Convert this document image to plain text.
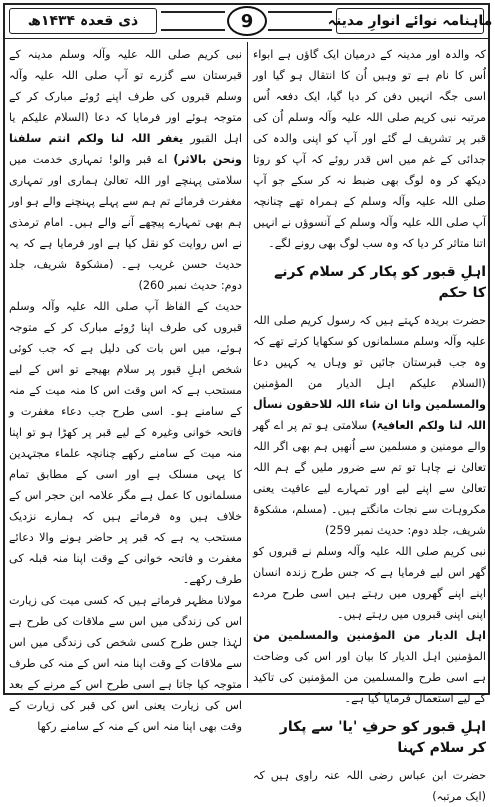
ماہنامہ نوائے انوارِ مدینہ
9
ذی قعدہ ۱۴۳۴ھ

کہ والدہ اور مدینہ کے درمیان ایک گاؤں ہے ابواء اُس کا نام ہے تو وہیں اُن کا انتقال ہو گیا اور اسی جگہ انہیں دفن کر دیا گیا، ایک دفعہ اُس مرتبہ نبی کریم صلی اللہ علیہ وآلہ وسلم اُن کی قبر پر تشریف لے گئے اور آپ کو اپنی والدہ کی جدائی کے غم میں اس قدر روئے کہ آپ کو روتا دیکھ کر وہ لوگ بھی ضبط نہ کر سکے جو آپ صلی اللہ علیہ وآلہ وسلم کے ہمراہ تھے چنانچہ آپ صلی اللہ علیہ وآلہ وسلم کے آنسوؤں نے انہیں اتنا متاثر کر دیا کہ وہ سب لوگ بھی رونے لگے۔

اہلِ قبور کو پکار کر سلام کرنے کا حکم

حضرت بریدہ کہتے ہیں کہ رسول کریم صلی اللہ علیہ وآلہ وسلم مسلمانوں کو سکھایا کرتے تھے کہ وہ جب قبرستان جائیں تو وہاں یہ کہیں دعا (السلام علیکم اہل الدیار من المؤمنین والمسلمین وانا ان شاء اللہ للاحقون نسأل اللہ لنا ولکم العافیۃ) سلامتی ہو تم پر اے گھر والے مومنین و مسلمین سے اُنھیں ہم بھی اگر اللہ تعالیٰ نے چاہا تو تم سے ضرور ملیں گے ہم اللہ تعالیٰ سے اپنے لیے اور تمہارے لیے عافیت یعنی مکروہات سے نجات مانگتے ہیں۔ (مسلم، مشکوۃ شریف، جلد دوم: حدیث نمبر 259)

نبی کریم صلی اللہ علیہ وآلہ وسلم نے قبروں کو گھر اس لیے فرمایا ہے کہ جس طرح زندہ انسان اپنے اپنے گھروں میں رہتے ہیں اسی طرح مردے اپنی اپنی قبروں میں رہتے ہیں۔

اہل الدیار من المؤمنین والمسلمین من المؤمنین اہل الدیار کا بیان اور اس کی وضاحت ہے اسی طرح والمسلمین من المؤمنین کی تاکید کے لیے استعمال فرمایا گیا ہے۔

اہلِ قبور کو حرفِ 'یا' سے پکار کر سلام کہنا

حضرت ابن عباس رضی اللہ عنہ راوی ہیں کہ (ایک مرتبہ)

نبی کریم صلی اللہ علیہ وآلہ وسلم مدینہ کے قبرستان سے گزرے تو آپ صلی اللہ علیہ وآلہ وسلم قبروں کی طرف اپنے رُوئے مبارک کر کے متوجہ ہوئے اور فرمایا کہ دعا (السلام علیکم یا اہل القبور یغفر اللہ لنا ولکم انتم سلفنا ونحن بالاثر) اے قبر والو! تمہاری خدمت میں سلامتی پہنچے اور اللہ تعالیٰ ہماری اور تمہاری مغفرت فرمائے تم ہم سے پہلے پہنچنے والے ہو اور ہم بھی تمہارے پیچھے آنے والے ہیں۔ امام ترمذی نے اس روایت کو نقل کیا ہے اور فرمایا ہے کہ یہ حدیث حسن غریب ہے۔ (مشکوۃ شریف، جلد دوم: حدیث نمبر 260)

حدیث کے الفاظ آپ صلی اللہ علیہ وآلہ وسلم قبروں کی طرف اپنا رُوئے مبارک کر کے متوجہ ہوئے، میں اس بات کی دلیل ہے کہ جب کوئی شخص اہلِ قبور پر سلام بھیجے تو اس کے لیے مستحب ہے کہ اس وقت اس کا منہ میت کے منہ کے سامنے ہو۔ اسی طرح جب دعاء مغفرت و فاتحہ خوانی وغیرہ کے لیے قبر پر کھڑا ہو تو اپنا منہ میت کے سامنے رکھے چنانچہ علماء مجتہدین کا یہی مسلک ہے اور اسی کے مطابق تمام مسلمانوں کا عمل ہے مگر علامہ ابن حجر اس کے خلاف ہیں وہ فرماتے ہیں کہ ہمارے نزدیک مستحب یہ ہے کہ قبر پر حاضر ہونے والا دعائے مغفرت و فاتحہ خوانی کے وقت اپنا منہ قبلہ کی طرف رکھے۔

مولانا مظہر فرماتے ہیں کہ کسی میت کی زیارت اس کی زندگی میں اس سے ملاقات کی طرح ہے لہٰذا جس طرح کسی شخص کی زندگی میں اس سے ملاقات کے وقت اپنا منہ اس کے منہ کی طرف متوجہ کیا جاتا ہے اسی طرح اس کے مرنے کے بعد اس کی زیارت یعنی اس کی قبر کی زیارت کے وقت بھی اپنا منہ اس کے منہ کے سامنے رکھا
